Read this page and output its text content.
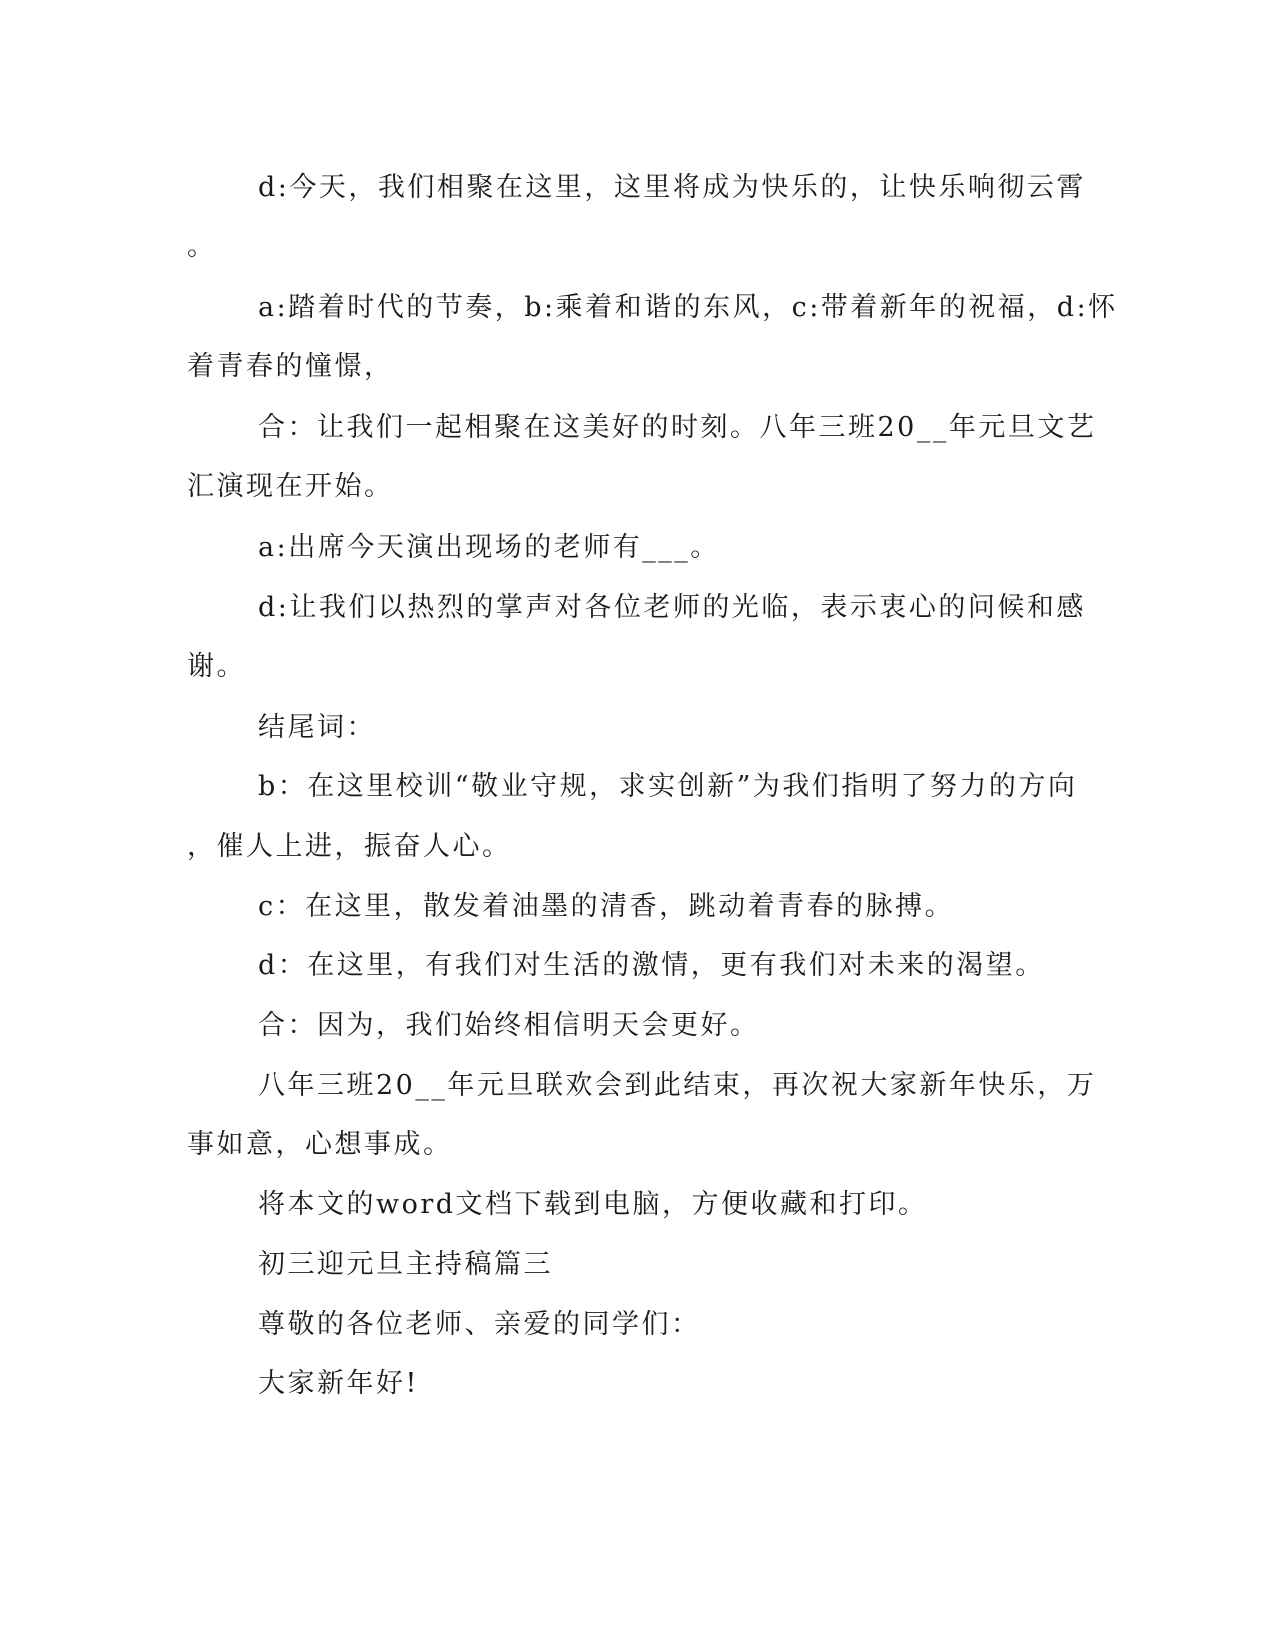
d:今天，我们相聚在这里，这里将成为快乐的，让快乐响彻云霄
。
a:踏着时代的节奏，b:乘着和谐的东风，c:带着新年的祝福，d:怀
着青春的憧憬，
合：让我们一起相聚在这美好的时刻。八年三班20__年元旦文艺
汇演现在开始。
a:出席今天演出现场的老师有___。
d:让我们以热烈的掌声对各位老师的光临，表示衷心的问候和感
谢。
结尾词：
b：在这里校训“敬业守规，求实创新”为我们指明了努力的方向
，催人上进，振奋人心。
c：在这里，散发着油墨的清香，跳动着青春的脉搏。
d：在这里，有我们对生活的激情，更有我们对未来的渴望。
合：因为，我们始终相信明天会更好。
八年三班20__年元旦联欢会到此结束，再次祝大家新年快乐，万
事如意，心想事成。
将本文的word文档下载到电脑，方便收藏和打印。
初三迎元旦主持稿篇三
尊敬的各位老师、亲爱的同学们：
大家新年好!
